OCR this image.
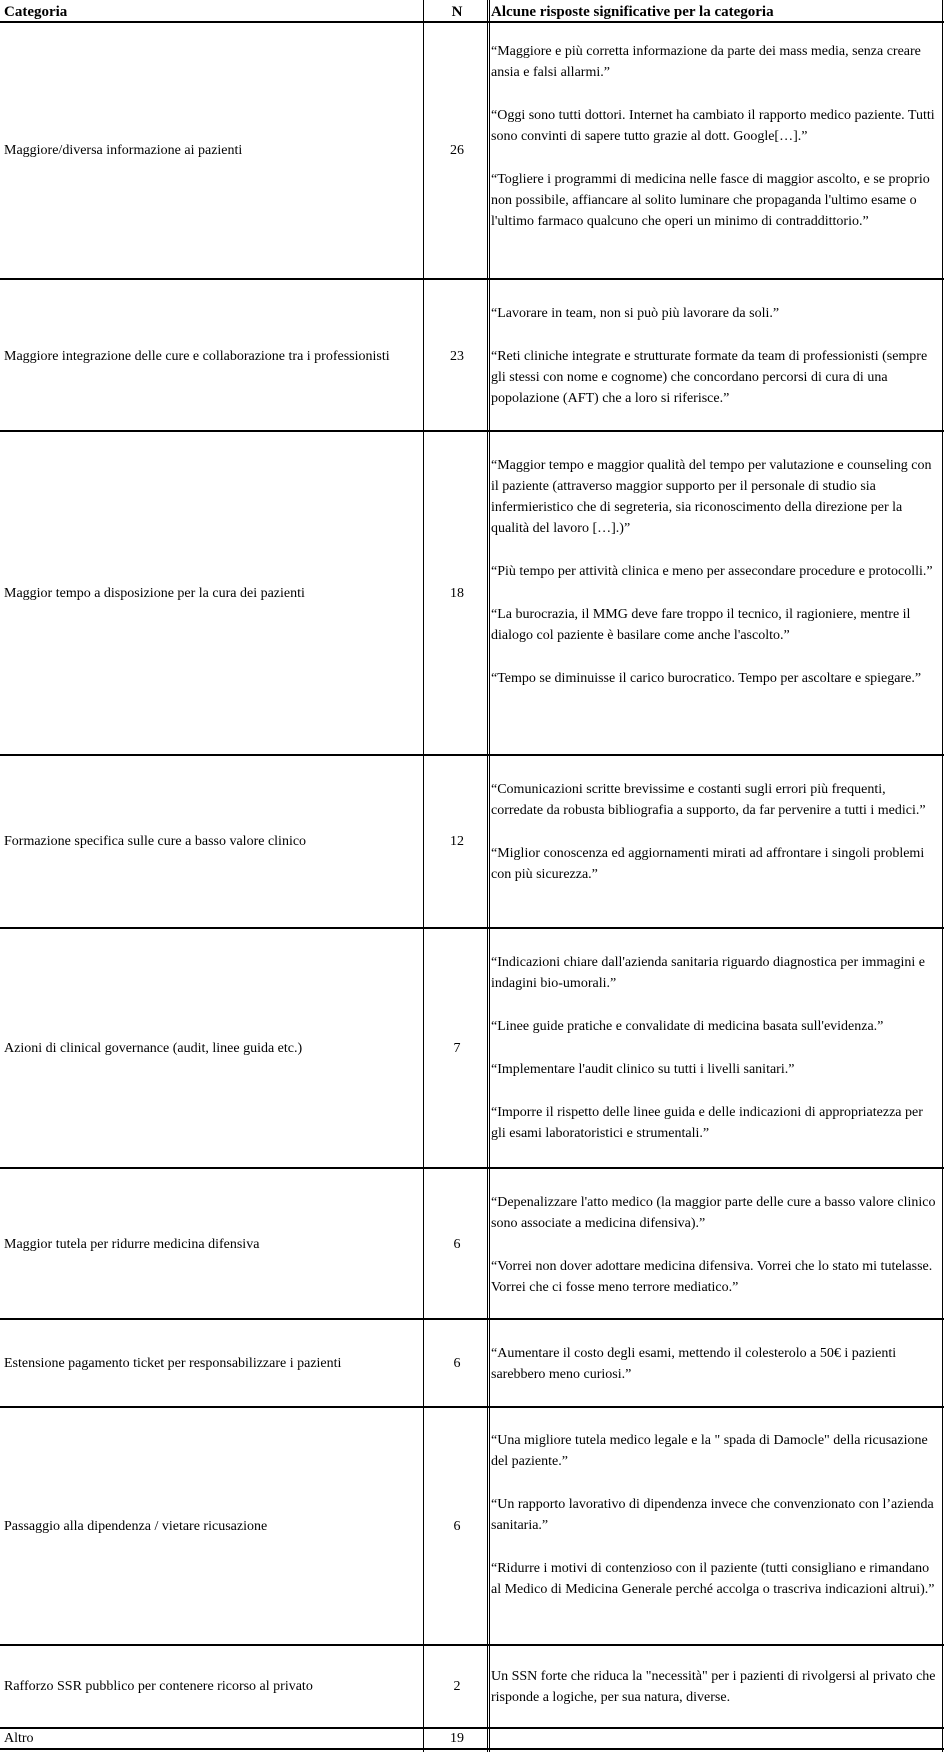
Categoria	N	Alcune risposte significative per la categoria
Maggiore/diversa informazione ai pazienti	26

“Maggiore e più corretta informazione da parte dei mass media, senza creare ansia e falsi allarmi.”

“Oggi sono tutti dottori. Internet ha cambiato il rapporto medico paziente. Tutti sono convinti di sapere tutto grazie al dott. Google[…].”

“Togliere i programmi di medicina nelle fasce di maggior ascolto, e se proprio non possibile, affiancare al solito luminare che propaganda l'ultimo esame o l'ultimo farmaco qualcuno che operi un minimo di contraddittorio.”

Maggiore integrazione delle cure e collaborazione tra i professionisti	23

“Lavorare in team, non si può più lavorare da soli.”

“Reti cliniche integrate e strutturate formate da team di professionisti (sempre gli stessi con nome e cognome) che concordano percorsi di cura di una popolazione (AFT) che a loro si riferisce.”

Maggior tempo a disposizione per la cura dei pazienti	18

“Maggior tempo e maggior qualità del tempo per valutazione e counseling con il paziente (attraverso maggior supporto per il personale di studio sia infermieristico che di segreteria, sia riconoscimento della direzione per la qualità del lavoro […].)”

“Più tempo per attività clinica e meno per assecondare procedure e protocolli.”

“La burocrazia, il MMG deve fare troppo il tecnico, il ragioniere, mentre il dialogo col paziente è basilare come anche l'ascolto.”

“Tempo se diminuisse il carico burocratico. Tempo per ascoltare e spiegare.”

Formazione specifica sulle cure a basso valore clinico	12

“Comunicazioni scritte brevissime e costanti sugli errori più frequenti, corredate da robusta bibliografia a supporto, da far pervenire a tutti i medici.”

“Miglior conoscenza ed aggiornamenti mirati ad affrontare i singoli problemi con più sicurezza.”

Azioni di clinical governance (audit, linee guida etc.)	7

“Indicazioni chiare dall'azienda sanitaria riguardo diagnostica per immagini e indagini bio-umorali.”

“Linee guide pratiche e convalidate di medicina basata sull'evidenza.”

“Implementare l'audit clinico su tutti i livelli sanitari.”

“Imporre il rispetto delle linee guida e delle indicazioni di appropriatezza per gli esami laboratoristici e strumentali.”

Maggior tutela per ridurre medicina difensiva	6

“Depenalizzare l'atto medico (la maggior parte delle cure a basso valore clinico sono associate a medicina difensiva).”

“Vorrei non dover adottare medicina difensiva. Vorrei che lo stato mi tutelasse. Vorrei che ci fosse meno terrore mediatico.”

Estensione pagamento ticket per responsabilizzare i pazienti	6

“Aumentare il costo degli esami, mettendo il colesterolo a 50€ i pazienti sarebbero meno curiosi.”

Passaggio alla dipendenza / vietare ricusazione	6

“Una migliore tutela medico legale e la " spada di Damocle" della ricusazione del paziente.”

“Un rapporto lavorativo di dipendenza invece che convenzionato con l’azienda sanitaria.”

“Ridurre i motivi di contenzioso con il paziente (tutti consigliano e rimandano al Medico di Medicina Generale perché accolga o trascriva indicazioni altrui).”

Rafforzo SSR pubblico per contenere ricorso al privato	2

Un SSN forte che riduca la "necessità" per i pazienti di rivolgersi al privato che risponde a logiche, per sua natura, diverse.

Altro	19
